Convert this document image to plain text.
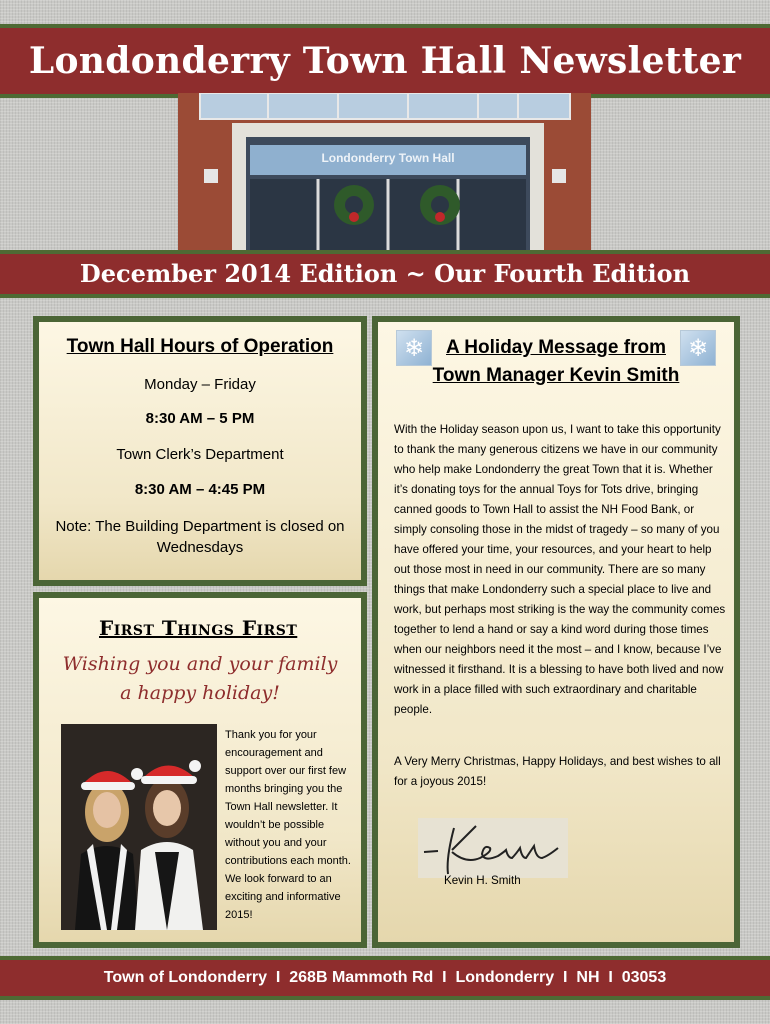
Londonderry Town Hall Newsletter
Londonderry Town Hall
December 2014 Edition ~ Our Fourth Edition
Town Hall Hours of Operation
Monday – Friday
8:30 AM – 5 PM
Town Clerk’s Department
8:30 AM – 4:45 PM
Note: The Building Department is closed on Wednesdays
First Things First
Wishing you and your family a happy holiday!
Thank you for your encouragement and support over our first few months bringing you the Town Hall newsletter. It wouldn’t be possible without you and your contributions each month. We look forward to an exciting and informative 2015!
❄	❄
A Holiday Message from
Town Manager Kevin Smith
With the Holiday season upon us, I want to take this opportunity to thank the many generous citizens we have in our community who help make Londonderry the great Town that it is. Whether it’s donating toys for the annual Toys for Tots drive, bringing canned goods to Town Hall to assist the NH Food Bank, or simply consoling those in the midst of tragedy – so many of you have offered your time, your resources, and your heart to help out those most in need in our community. There are so many things that make Londonderry such a special place to live and work, but perhaps most striking is the way the community comes together to lend a hand or say a kind word during those times when our neighbors need it the most – and I know, because I’ve witnessed it firsthand. It is a blessing to have both lived and now work in a place filled with such extraordinary and charitable people.
A Very Merry Christmas, Happy Holidays, and best wishes to all for a joyous 2015!
Kevin H. Smith
Town of Londonderry  I  268B Mammoth Rd  I  Londonderry  I  NH  I  03053
